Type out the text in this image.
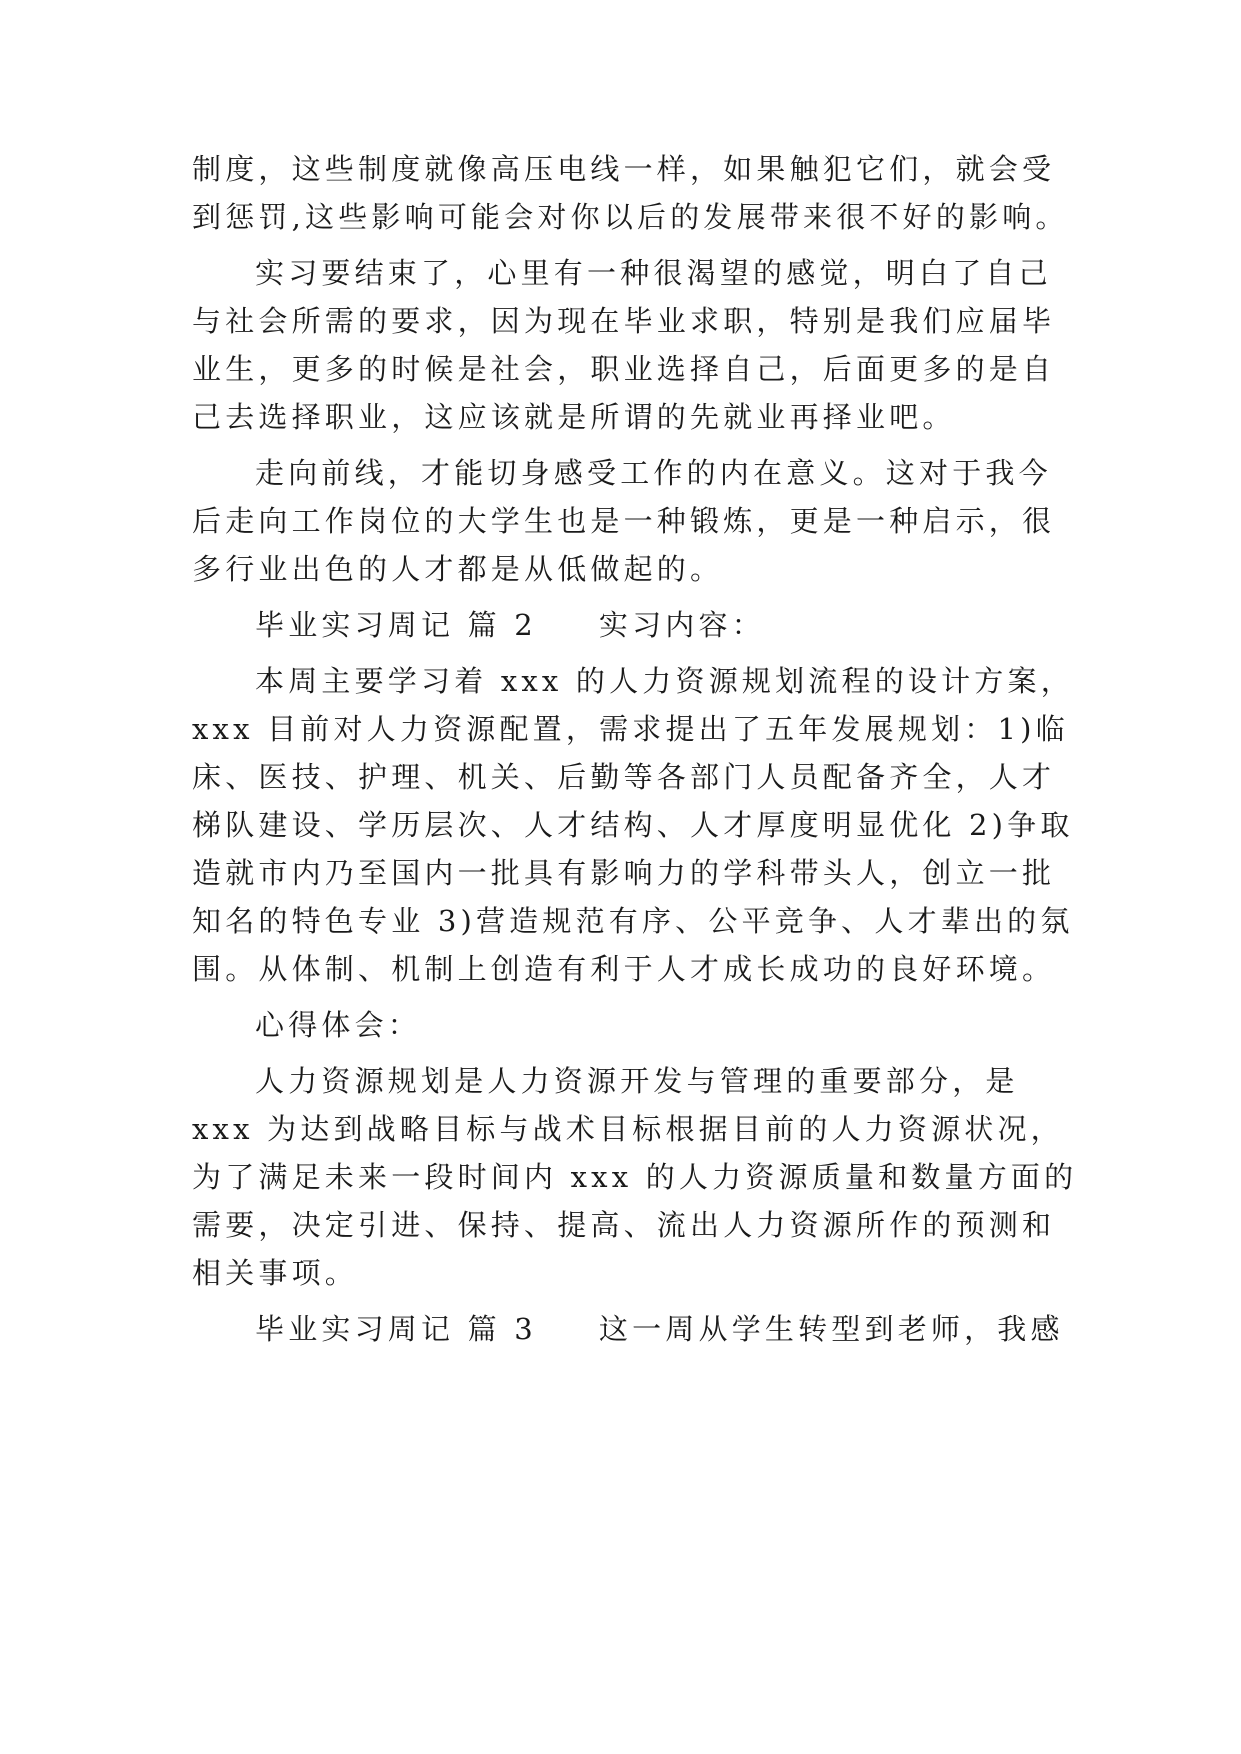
制度，这些制度就像高压电线一样，如果触犯它们，就会受
到惩罚,这些影响可能会对你以后的发展带来很不好的影响。
实习要结束了，心里有一种很渴望的感觉，明白了自己
与社会所需的要求，因为现在毕业求职，特别是我们应届毕
业生，更多的时候是社会，职业选择自己，后面更多的是自
己去选择职业，这应该就是所谓的先就业再择业吧。
走向前线，才能切身感受工作的内在意义。这对于我今
后走向工作岗位的大学生也是一种锻炼，更是一种启示，很
多行业出色的人才都是从低做起的。
毕业实习周记 篇 2 实习内容：
本周主要学习着 xxx 的人力资源规划流程的设计方案，
xxx 目前对人力资源配置，需求提出了五年发展规划：1)临
床、医技、护理、机关、后勤等各部门人员配备齐全，人才
梯队建设、学历层次、人才结构、人才厚度明显优化 2)争取
造就市内乃至国内一批具有影响力的学科带头人，创立一批
知名的特色专业 3)营造规范有序、公平竞争、人才辈出的氛
围。从体制、机制上创造有利于人才成长成功的良好环境。
心得体会：
人力资源规划是人力资源开发与管理的重要部分，是
xxx 为达到战略目标与战术目标根据目前的人力资源状况，
为了满足未来一段时间内 xxx 的人力资源质量和数量方面的
需要，决定引进、保持、提高、流出人力资源所作的预测和
相关事项。
毕业实习周记 篇 3 这一周从学生转型到老师，我感
